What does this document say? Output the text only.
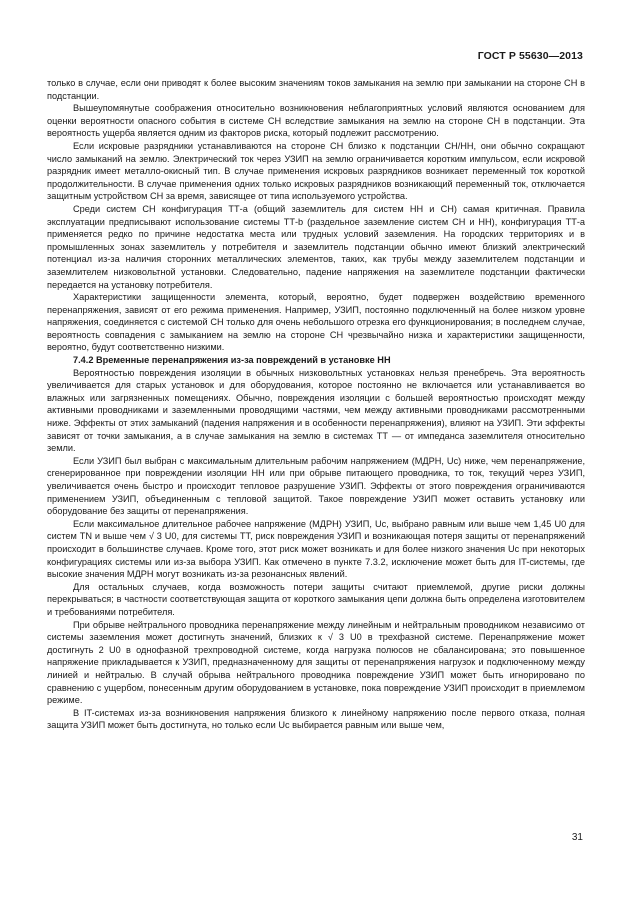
ГОСТ Р 55630—2013

только в случае, если они приводят к более высоким значениям токов замыкания на землю при замыкании на стороне СН в подстанции.

Вышеупомянутые соображения относительно возникновения неблагоприятных условий являются основанием для оценки вероятности опасного события в системе СН вследствие замыкания на землю на стороне СН в подстанции. Эта вероятность ущерба является одним из факторов риска, который подлежит рассмотрению.

Если искровые разрядники устанавливаются на стороне СН близко к подстанции СН/НН, они обычно сокращают число замыканий на землю. Электрический ток через УЗИП на землю ограничивается коротким импульсом, если искровой разрядник имеет металло-окисный тип. В случае применения искровых разрядников возникает переменный ток короткой продолжительности. В случае применения одних только искровых разрядников возникающий переменный ток, отключается защитным устройством СН за время, зависящее от типа используемого устройства.

Среди систем СН конфигурация ТТ-а (общий заземлитель для систем НН и СН) самая критичная. Правила эксплуатации предписывают использование системы ТТ-b (раздельное заземление систем СН и НН), конфигурация ТТ-а применяется редко по причине недостатка места или трудных условий заземления. На городских территориях и в промышленных зонах заземлитель у потребителя и заземлитель подстанции обычно имеют близкий электрический потенциал из-за наличия сторонних металлических элементов, таких, как трубы между заземлителем подстанции и заземлителем низковольтной установки. Следовательно, падение напряжения на заземлителе подстанции фактически передается на установку потребителя.

Характеристики защищенности элемента, который, вероятно, будет подвержен воздействию временного перенапряжения, зависят от его режима применения. Например, УЗИП, постоянно подключенный на более низком уровне напряжения, соединяется с системой СН только для очень небольшого отрезка его функционирования; в последнем случае, вероятность совпадения с замыканием на землю на стороне СН чрезвычайно низка и характеристики защищенности, вероятно, будут соответственно низкими.

7.4.2 Временные перенапряжения из-за повреждений в установке НН

Вероятностью повреждения изоляции в обычных низковольтных установках нельзя пренебречь. Эта вероятность увеличивается для старых установок и для оборудования, которое постоянно не включается или устанавливается во влажных или загрязненных помещениях. Обычно, повреждения изоляции с большей вероятностью происходят между активными проводниками и заземленными проводящими частями, чем между активными проводниками рассмотренными ниже. Эффекты от этих замыканий (падения напряжения и в особенности перенапряжения), влияют на УЗИП. Эти эффекты зависят от точки замыкания, а в случае замыкания на землю в системах ТТ — от импеданса заземлителя относительно земли.

Если УЗИП был выбран с максимальным длительным рабочим напряжением (МДРН, Uc) ниже, чем перенапряжение, сгенерированное при повреждении изоляции НН или при обрыве питающего проводника, то ток, текущий через УЗИП, увеличивается очень быстро и происходит тепловое разрушение УЗИП. Эффекты от этого повреждения ограничиваются применением УЗИП, объединенным с тепловой защитой. Такое повреждение УЗИП может оставить установку или оборудование без защиты от перенапряжения.

Если максимальное длительное рабочее напряжение (МДРН) УЗИП, Uc, выбрано равным или выше чем 1,45 U0 для систем TN и выше чем √ 3 U0, для системы ТТ, риск повреждения УЗИП и возникающая потеря защиты от перенапряжений происходит в большинстве случаев. Кроме того, этот риск может возникать и для более низкого значения Uc при некоторых конфигурациях системы или из-за выбора УЗИП. Как отмечено в пункте 7.3.2, исключение может быть для IT-системы, где высокие значения МДРН могут возникать из-за резонансных явлений.

Для остальных случаев, когда возможность потери защиты считают приемлемой, другие риски должны перекрываться; в частности соответствующая защита от короткого замыкания цепи должна быть определена изготовителем и требованиями потребителя.

При обрыве нейтрального проводника перенапряжение между линейным и нейтральным проводником независимо от системы заземления может достигнуть значений, близких к √ 3 U0 в трехфазной системе. Перенапряжение может достигнуть 2 U0 в однофазной трехпроводной системе, когда нагрузка полюсов не сбалансирована; это повышенное напряжение прикладывается к УЗИП, предназначенному для защиты от перенапряжения нагрузок и подключенному между линией и нейтралью. В случай обрыва нейтрального проводника повреждение УЗИП может быть игнорировано по сравнению с ущербом, понесенным другим оборудованием в установке, пока повреждение УЗИП происходит в приемлемом режиме.

В IT-системах из-за возникновения напряжения близкого к линейному напряжению после первого отказа, полная защита УЗИП может быть достигнута, но только если Uc выбирается равным или выше чем,

31
